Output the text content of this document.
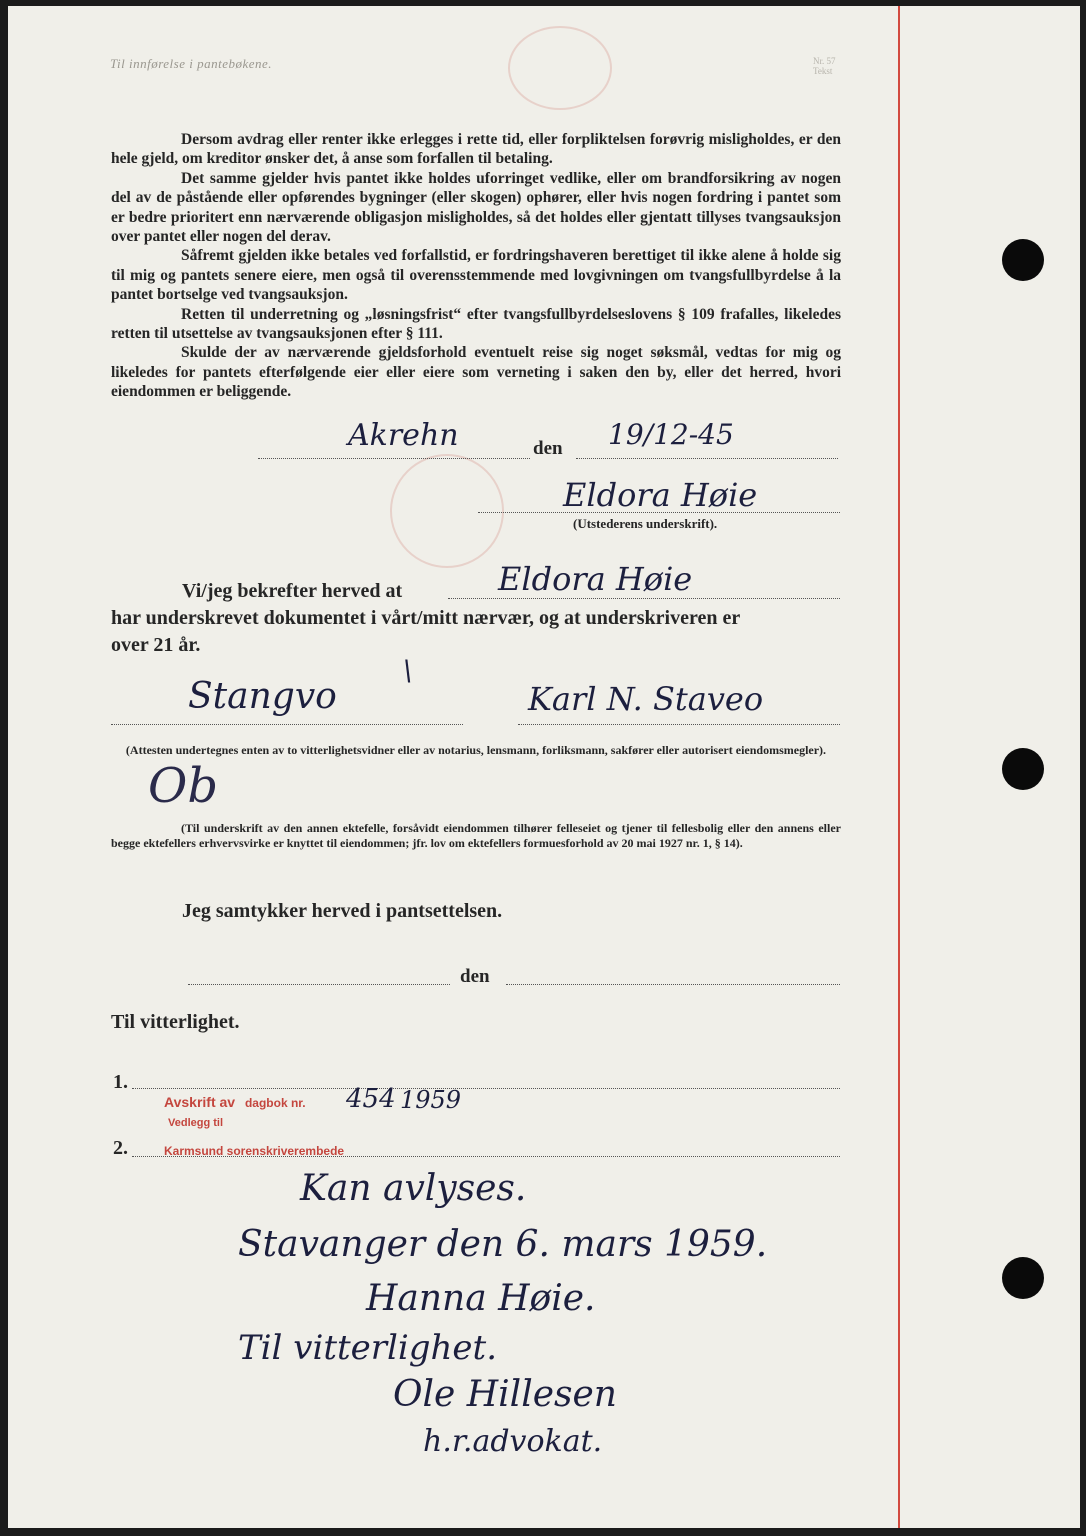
Til innførelse i pantebøkene.	Nr. 57
Tekst

Dersom avdrag eller renter ikke erlegges i rette tid, eller forpliktelsen forøvrig misligholdes, er den hele gjeld, om kreditor ønsker det, å anse som forfallen til betaling.

Det samme gjelder hvis pantet ikke holdes uforringet vedlike, eller om brandforsikring av nogen del av de påstående eller opførendes bygninger (eller skogen) ophører, eller hvis nogen fordring i pantet som er bedre prioritert enn nærværende obligasjon misligholdes, så det holdes eller gjentatt tillyses tvangsauksjon over pantet eller nogen del derav.

Såfremt gjelden ikke betales ved forfallstid, er fordringshaveren berettiget til ikke alene å holde sig til mig og pantets senere eiere, men også til overensstemmende med lovgivningen om tvangsfullbyrdelse å la pantet bortselge ved tvangsauksjon.

Retten til underretning og „løsningsfrist“ efter tvangsfullbyrdelseslovens § 109 frafalles, likeledes retten til utsettelse av tvangsauksjonen efter § 111.

Skulde der av nærværende gjeldsforhold eventuelt reise sig noget søksmål, vedtas for mig og likeledes for pantets efterfølgende eier eller eiere som verneting i saken den by, eller det herred, hvori eiendommen er beliggende.

Akrehn	den 19/12-45
Eldora Høie
(Utstederens underskrift).
Vi/jeg bekrefter herved at	Eldora Høie
har underskrevet dokumentet i vårt/mitt nærvær, og at underskriveren er
over 21 år.
Stangvo
\
Karl N. Staveo
(Attesten undertegnes enten av to vitterlighetsvidner eller av notarius, lensmann, forliksmann, sakfører eller autorisert eiendomsmegler).
Ob
(Til underskrift av den annen ektefelle, forsåvidt eiendommen tilhører felleseiet og tjener til fellesbolig eller den annens eller begge ektefellers erhvervsvirke er knyttet til eiendommen; jfr. lov om ektefellers formuesforhold av 20 mai 1927 nr. 1, § 14).
Jeg samtykker herved i pantsettelsen.
den
Til vitterlighet.
1.
Avskrift av dagbok nr. 454 1959
Vedlegg til
Karmsund sorenskriverembede
2.
Kan avlyses.
Stavanger den 6. mars 1959.
Hanna Høie.
Til vitterlighet.
Ole Hillesen
h.r.advokat.
